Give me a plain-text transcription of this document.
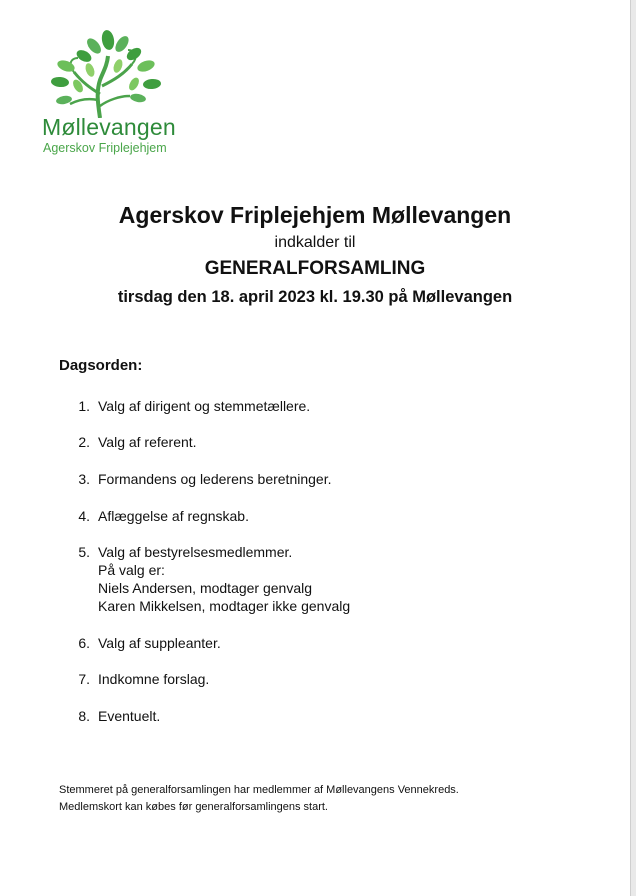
Møllevangen
Agerskov Friplejehjem

Agerskov Friplejehjem Møllevangen

indkalder til

GENERALFORSAMLING

tirsdag den 18. april 2023 kl. 19.30 på Møllevangen

Dagsorden:
1. Valg af dirigent og stemmetællere.
2. Valg af referent.
3. Formandens og lederens beretninger.
4. Aflæggelse af regnskab.
5. Valg af bestyrelsesmedlemmer.
På valg er:
Niels Andersen, modtager genvalg
Karen Mikkelsen, modtager ikke genvalg
6. Valg af suppleanter.
7. Indkomne forslag.
8. Eventuelt.
Stemmeret på generalforsamlingen har medlemmer af Møllevangens Vennekreds.
Medlemskort kan købes før generalforsamlingens start.
